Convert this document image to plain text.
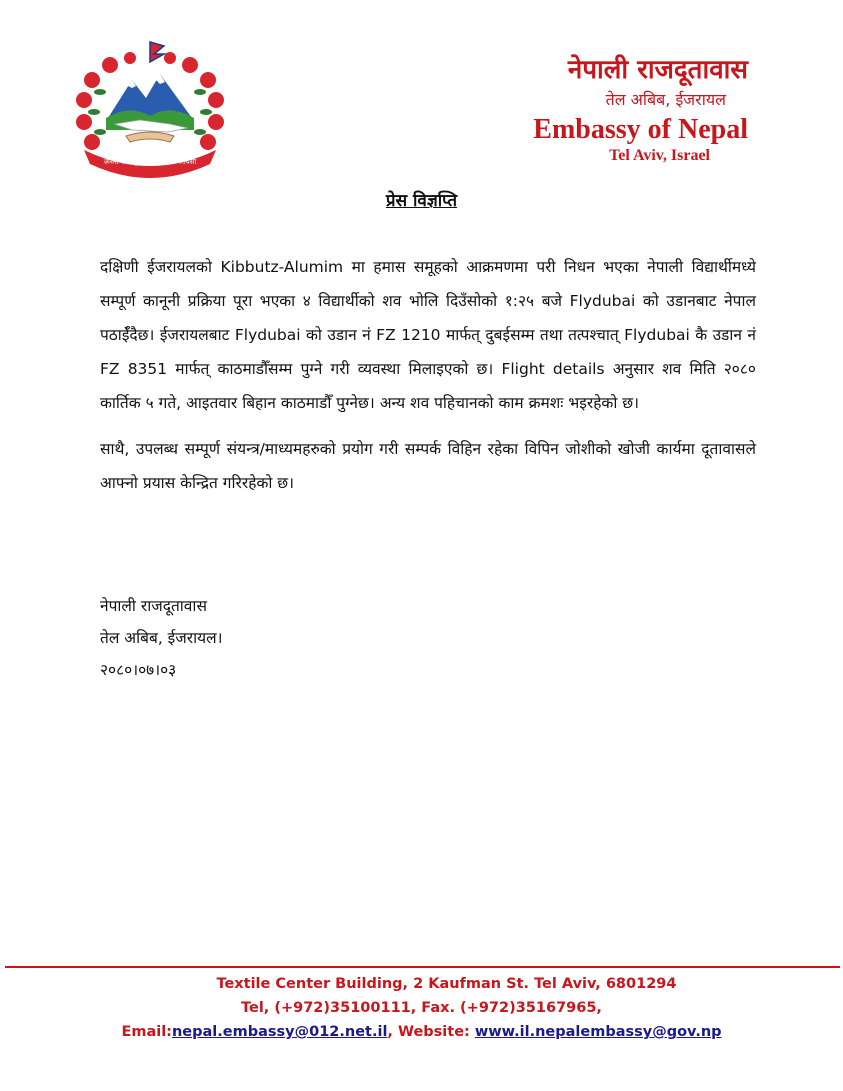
जननी जन्मभूमिश्च स्वर्गादपि गरीयसी
नेपाली राजदूतावास
तेल अबिब, ईजरायल
Embassy of Nepal
Tel Aviv, Israel
प्रेस विज्ञप्ति

दक्षिणी ईजरायलको Kibbutz-Alumim मा हमास समूहको आक्रमणमा परी निधन भएका नेपाली विद्यार्थीमध्ये सम्पूर्ण कानूनी प्रक्रिया पूरा भएका ४ विद्यार्थीको शव भोलि दिउँसोको १:२५ बजे Flydubai को उडानबाट नेपाल पठाईँदैछ। ईजरायलबाट Flydubai को उडान नं FZ 1210 मार्फत् दुबईसम्म तथा तत्पश्चात् Flydubai कै उडान नं FZ 8351 मार्फत् काठमाडौँसम्म पुग्ने गरी व्यवस्था मिलाइएको छ। Flight details अनुसार शव मिति २०८० कार्तिक ५ गते, आइतवार बिहान काठमाडौँ पुग्नेछ। अन्य शव पहिचानको काम क्रमशः भइरहेको छ।

साथै, उपलब्ध सम्पूर्ण संयन्त्र/माध्यमहरुको प्रयोग गरी सम्पर्क विहिन रहेका विपिन जोशीको खोजी कार्यमा दूतावासले आफ्नो प्रयास केन्द्रित गरिरहेको छ।

नेपाली राजदूतावास
तेल अबिब, ईजरायल।
२०८०।०७।०३
Textile Center Building, 2 Kaufman St. Tel Aviv, 6801294
Tel, (+972)35100111, Fax. (+972)35167965,
Email:nepal.embassy@012.net.il, Website: www.il.nepalembassy@gov.np
